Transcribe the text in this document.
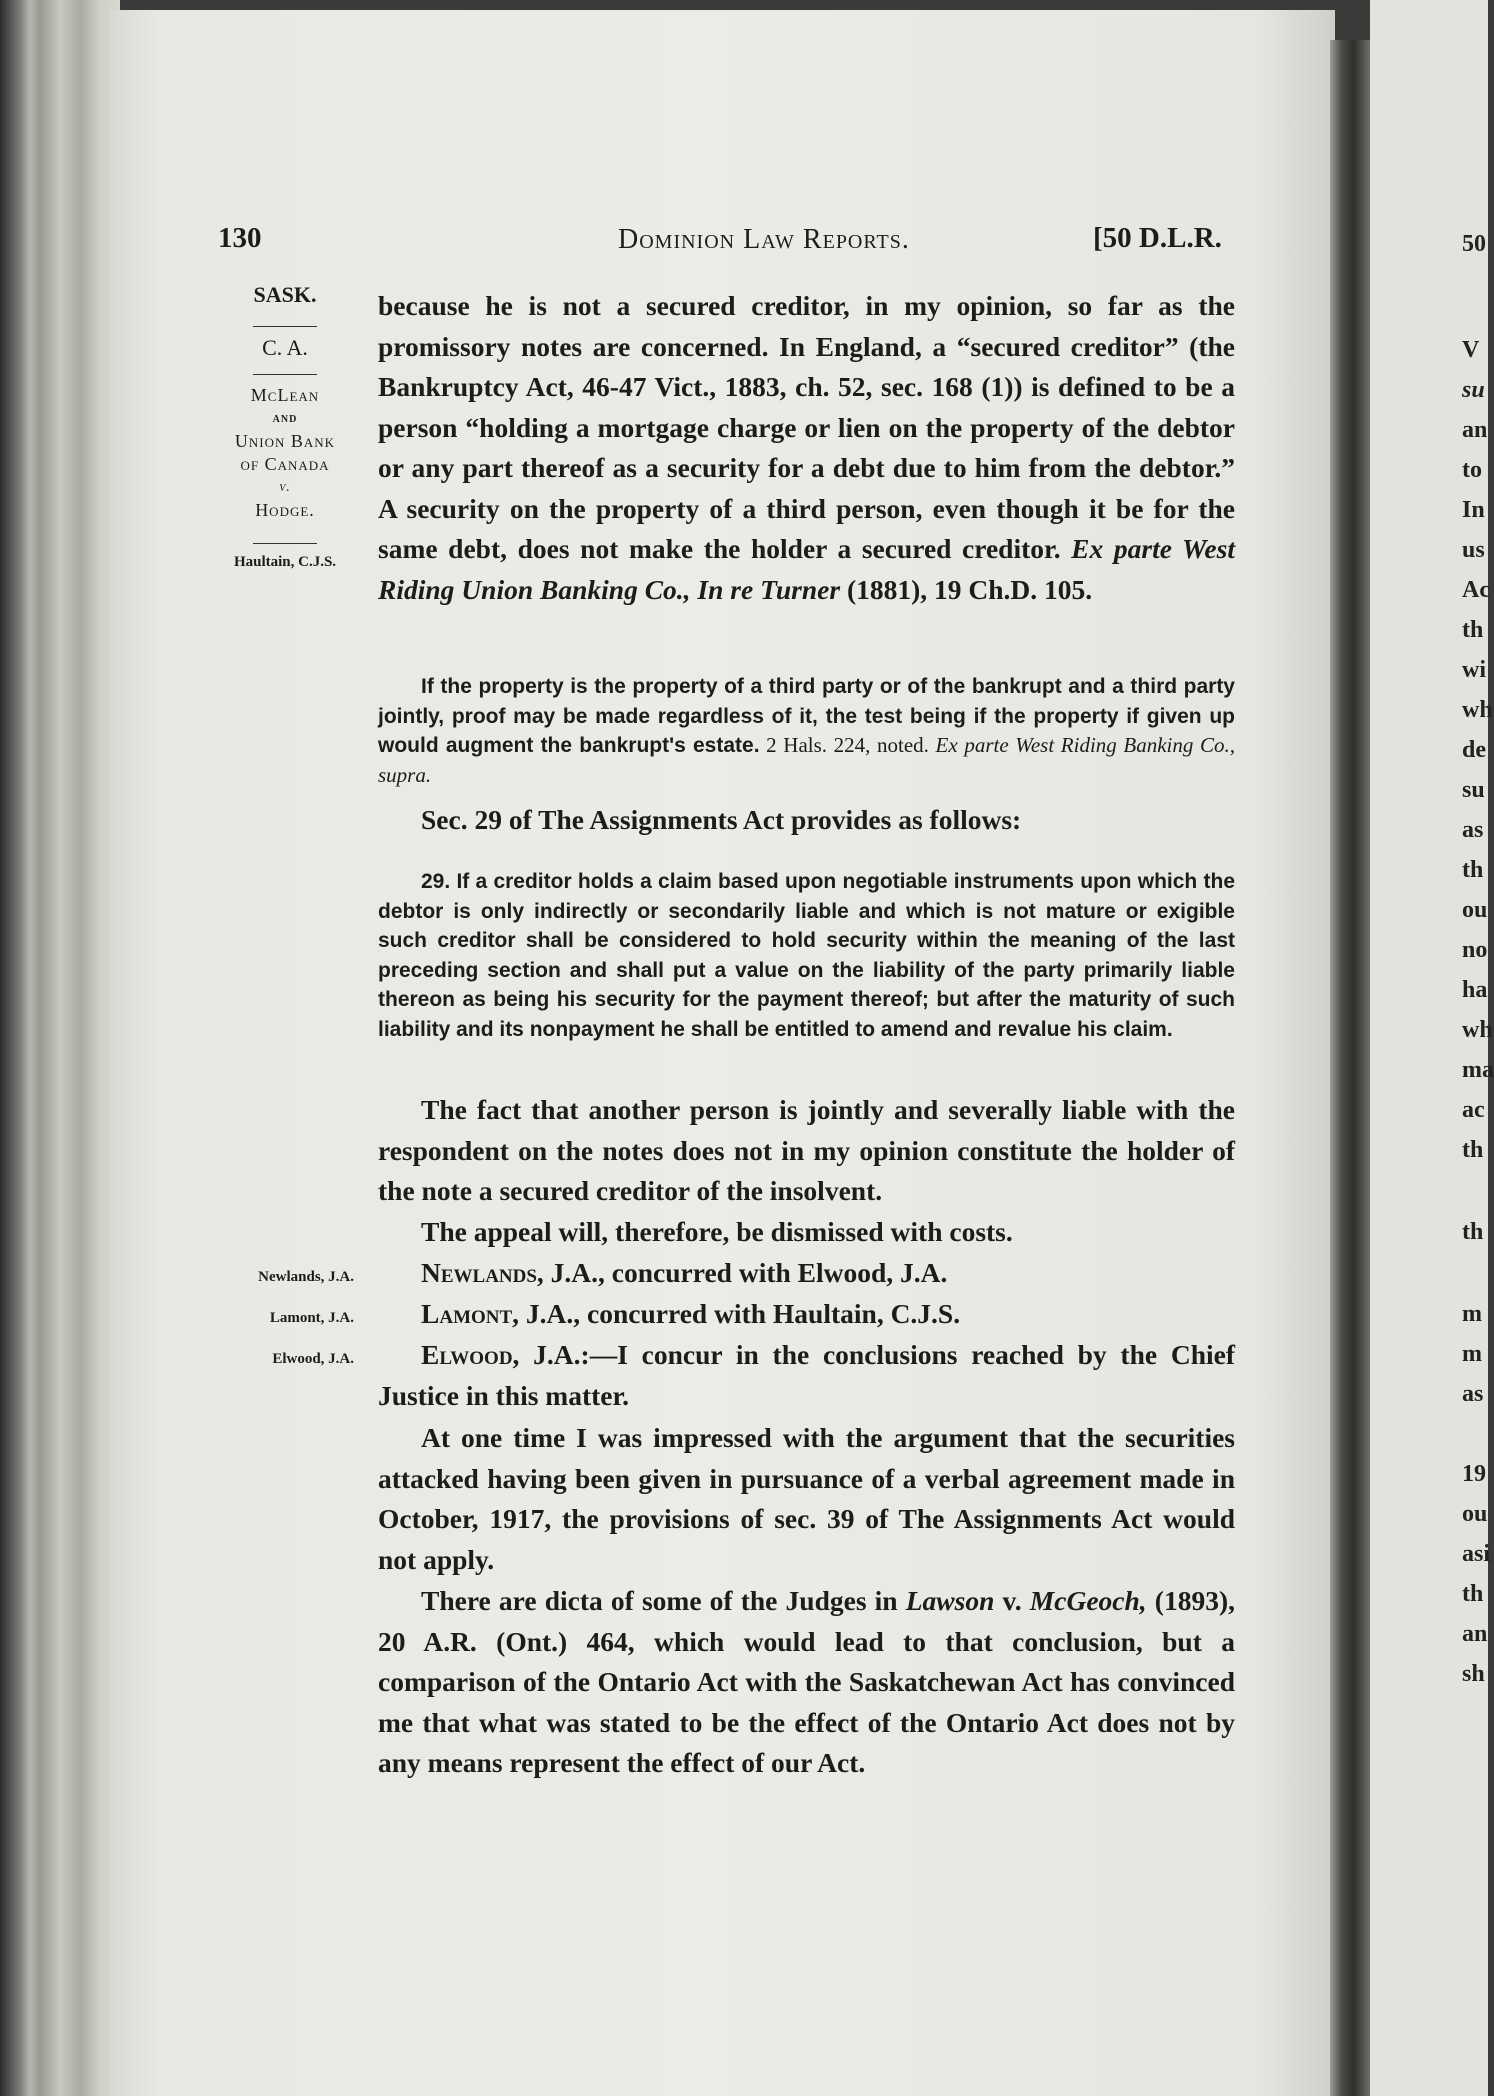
50
V
su
an
to
In
us
Ac
th
wi
wh
de
su
as
th
ou
no
ha
wh
ma
ac
th
th
m
m
as
19
ou
asi
th
an
sh
130	Dominion Law Reports.	[50 D.L.R.
SASK.
C. A.
McLean
and
Union Bank
of Canada
v.
Hodge.
Haultain, C.J.S.
Newlands, J.A.
Lamont, J.A.
Elwood, J.A.

because he is not a secured creditor, in my opinion, so far as the promissory notes are concerned. In England, a “secured creditor” (the Bankruptcy Act, 46-47 Vict., 1883, ch. 52, sec. 168 (1)) is defined to be a person “holding a mortgage charge or lien on the property of the debtor or any part thereof as a security for a debt due to him from the debtor.” A security on the property of a third person, even though it be for the same debt, does not make the holder a secured creditor. Ex parte West Riding Union Banking Co., In re Turner (1881), 19 Ch.D. 105.

If the property is the property of a third party or of the bankrupt and a third party jointly, proof may be made regardless of it, the test being if the property if given up would augment the bankrupt's estate. 2 Hals. 224, noted. Ex parte West Riding Banking Co., supra.

Sec. 29 of The Assignments Act provides as follows:

29. If a creditor holds a claim based upon negotiable instruments upon which the debtor is only indirectly or secondarily liable and which is not mature or exigible such creditor shall be considered to hold security within the meaning of the last preceding section and shall put a value on the liability of the party primarily liable thereon as being his security for the payment thereof; but after the maturity of such liability and its nonpayment he shall be entitled to amend and revalue his claim.

The fact that another person is jointly and severally liable with the respondent on the notes does not in my opinion constitute the holder of the note a secured creditor of the insolvent.

The appeal will, therefore, be dismissed with costs.

Newlands, J.A., concurred with Elwood, J.A.

Lamont, J.A., concurred with Haultain, C.J.S.

Elwood, J.A.:—I concur in the conclusions reached by the Chief Justice in this matter.

At one time I was impressed with the argument that the securities attacked having been given in pursuance of a verbal agreement made in October, 1917, the provisions of sec. 39 of The Assignments Act would not apply.

There are dicta of some of the Judges in Lawson v. McGeoch, (1893), 20 A.R. (Ont.) 464, which would lead to that conclusion, but a comparison of the Ontario Act with the Saskatchewan Act has convinced me that what was stated to be the effect of the Ontario Act does not by any means represent the effect of our Act.
